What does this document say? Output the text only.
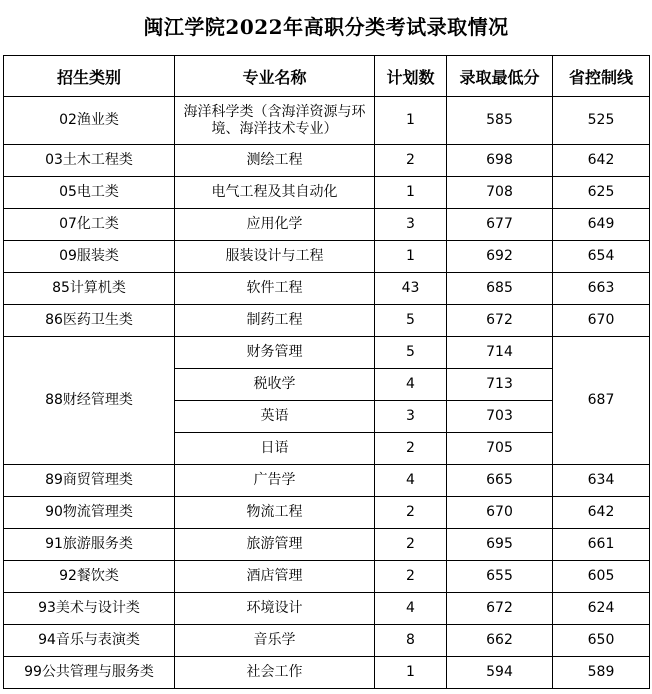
闽江学院2022年高职分类考试录取情况
招生类别	专业名称	计划数	录取最低分	省控制线
02渔业类	海洋科学类（含海洋资源与环境、海洋技术专业）	1	585	525
03土木工程类	测绘工程	2	698	642
05电工类	电气工程及其自动化	1	708	625
07化工类	应用化学	3	677	649
09服装类	服装设计与工程	1	692	654
85计算机类	软件工程	43	685	663
86医药卫生类	制药工程	5	672	670
88财经管理类	财务管理	5	714	687
	税收学	4	713	
	英语	3	703	
	日语	2	705	
89商贸管理类	广告学	4	665	634
90物流管理类	物流工程	2	670	642
91旅游服务类	旅游管理	2	695	661
92餐饮类	酒店管理	2	655	605
93美术与设计类	环境设计	4	672	624
94音乐与表演类	音乐学	8	662	650
99公共管理与服务类	社会工作	1	594	589
